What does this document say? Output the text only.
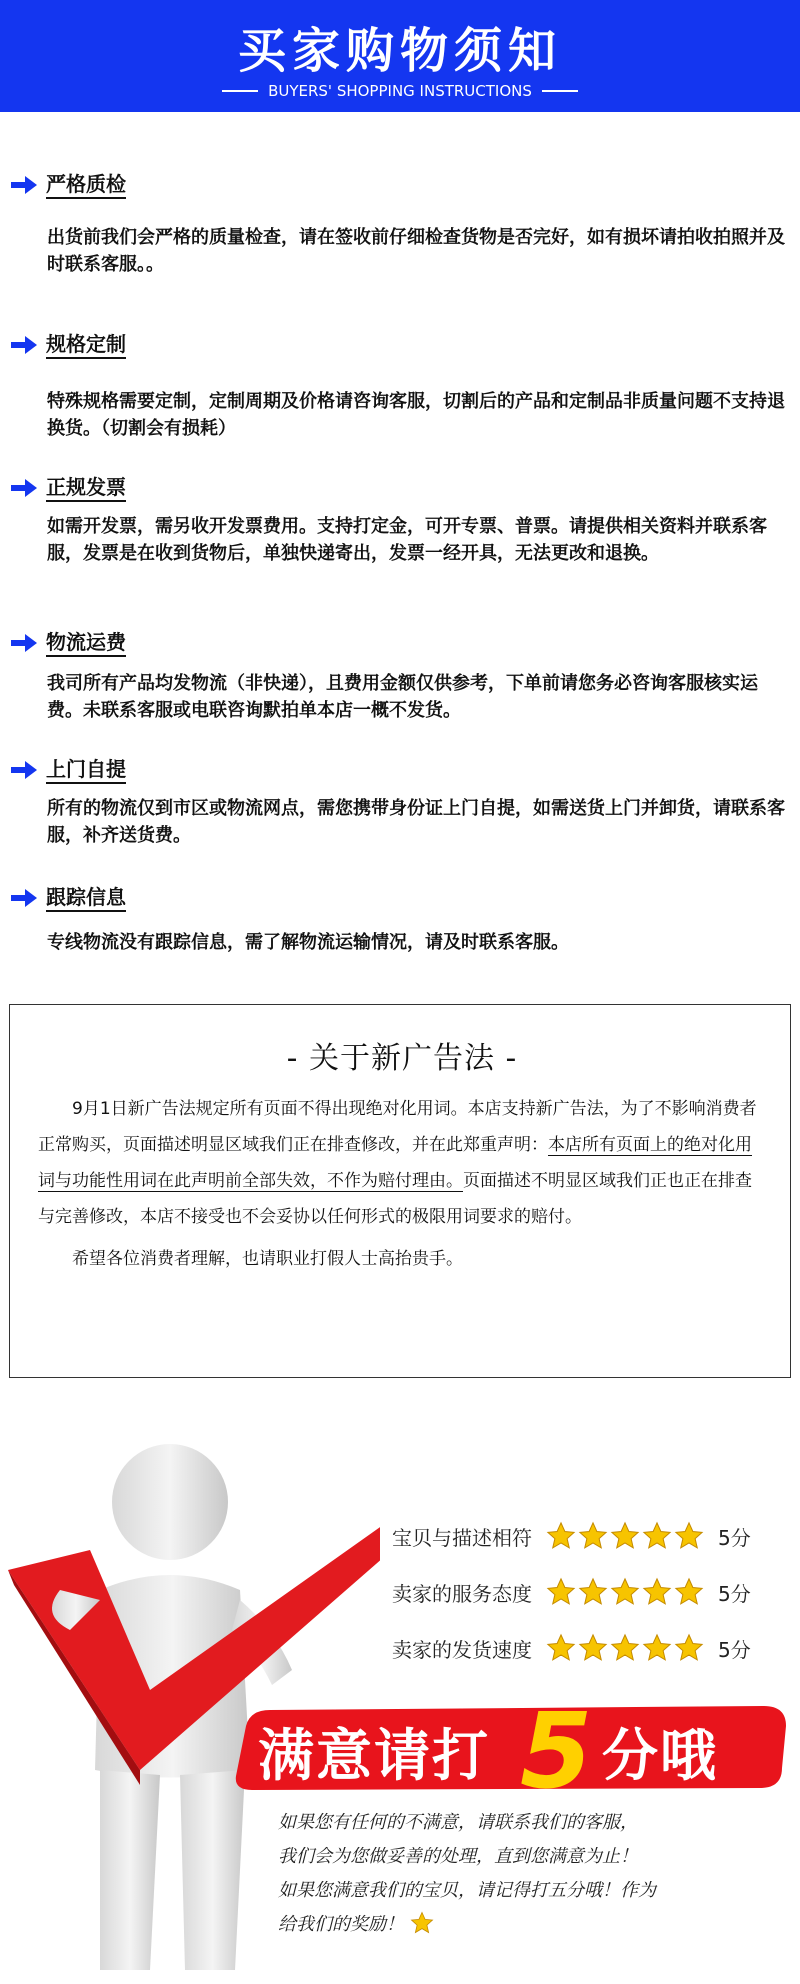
买家购物须知
BUYERS' SHOPPING INSTRUCTIONS
严格质检
出货前我们会严格的质量检查，请在签收前仔细检查货物是否完好，如有损坏请拍收拍照并及时联系客服。。
规格定制
特殊规格需要定制，定制周期及价格请咨询客服，切割后的产品和定制品非质量问题不支持退换货。（切割会有损耗）
正规发票
如需开发票，需另收开发票费用。支持打定金，可开专票、普票。请提供相关资料并联系客服，发票是在收到货物后，单独快递寄出，发票一经开具，无法更改和退换。
物流运费
我司所有产品均发物流（非快递），且费用金额仅供参考，下单前请您务必咨询客服核实运费。未联系客服或电联咨询默拍单本店一概不发货。
上门自提
所有的物流仅到市区或物流网点，需您携带身份证上门自提，如需送货上门并卸货，请联系客服，补齐送货费。
跟踪信息
专线物流没有跟踪信息，需了解物流运输情况，请及时联系客服。
- 关于新广告法 -

9月1日新广告法规定所有页面不得出现绝对化用词。本店支持新广告法，为了不影响消费者正常购买，页面描述明显区域我们正在排查修改，并在此郑重声明：本店所有页面上的绝对化用词与功能性用词在此声明前全部失效，不作为赔付理由。页面描述不明显区域我们正也正在排查与完善修改，本店不接受也不会妥协以任何形式的极限用词要求的赔付。

希望各位消费者理解，也请职业打假人士高抬贵手。

宝贝与描述相符	5分
卖家的服务态度	5分
卖家的发货速度	5分
满意请打 5 分哦
如果您有任何的不满意，请联系我们的客服，
我们会为您做妥善的处理，直到您满意为止！
如果您满意我们的宝贝，请记得打五分哦！作为
给我们的奖励！
